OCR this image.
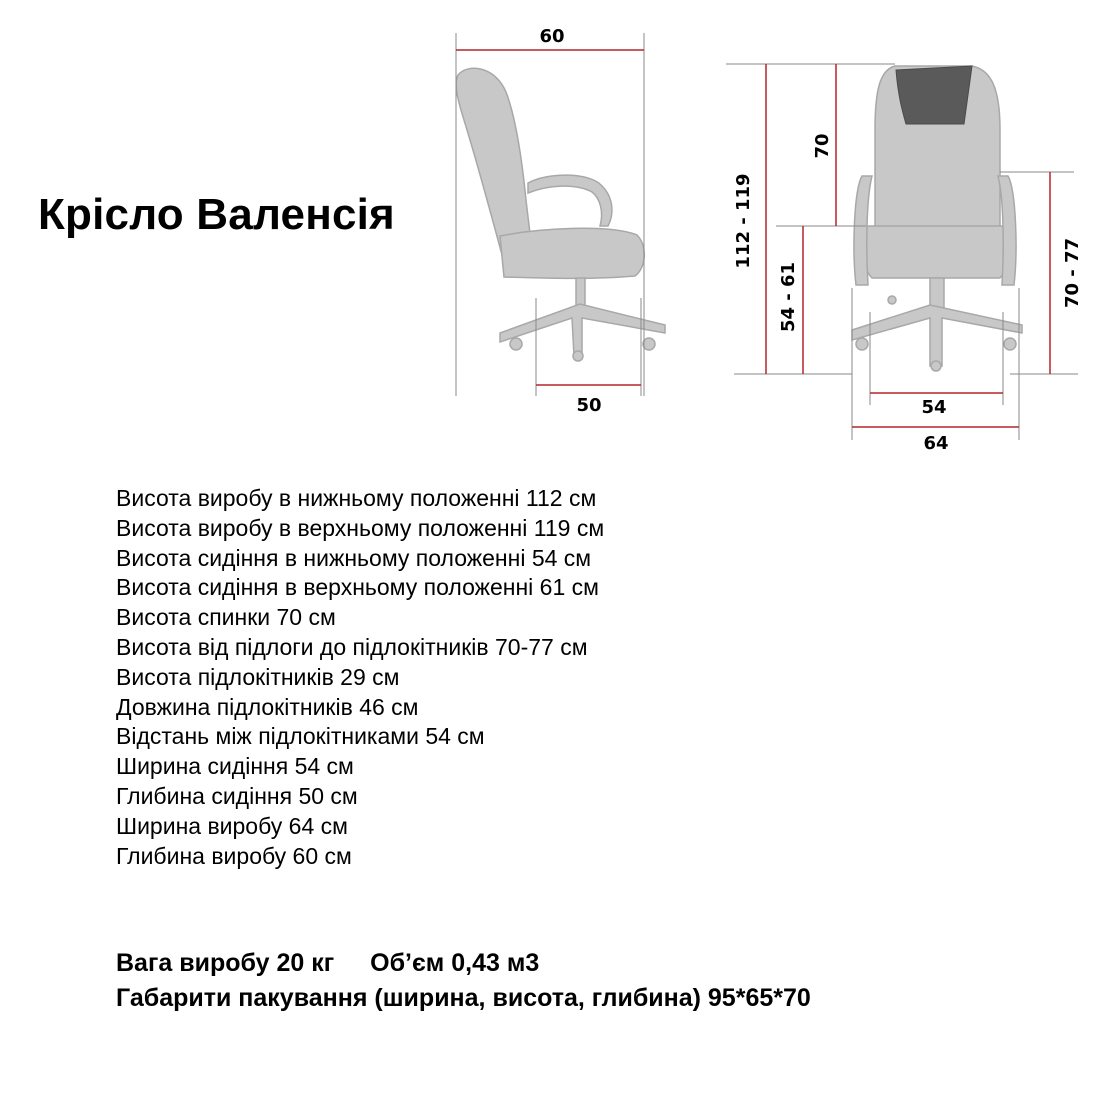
Крісло Валенсія
60
50
112 - 119
70
54 - 61	70 - 77
54
64
Висота виробу в нижньому положенні 112 см
Висота виробу в верхньому положенні 119 см
Висота сидіння в нижньому положенні 54 см
Висота сидіння в верхньому положенні 61 см
Висота спинки 70 см
Висота від підлоги до підлокітників 70-77 см
Висота підлокітників 29 см
Довжина підлокітників 46 см
Відстань між підлокітниками 54 см
Ширина сидіння 54 см
Глибина сидіння 50 см
Ширина виробу 64 см
Глибина виробу 60 см
Вага виробу 20 кг Об’єм 0,43 м3
Габарити пакування (ширина, висота, глибина) 95*65*70
